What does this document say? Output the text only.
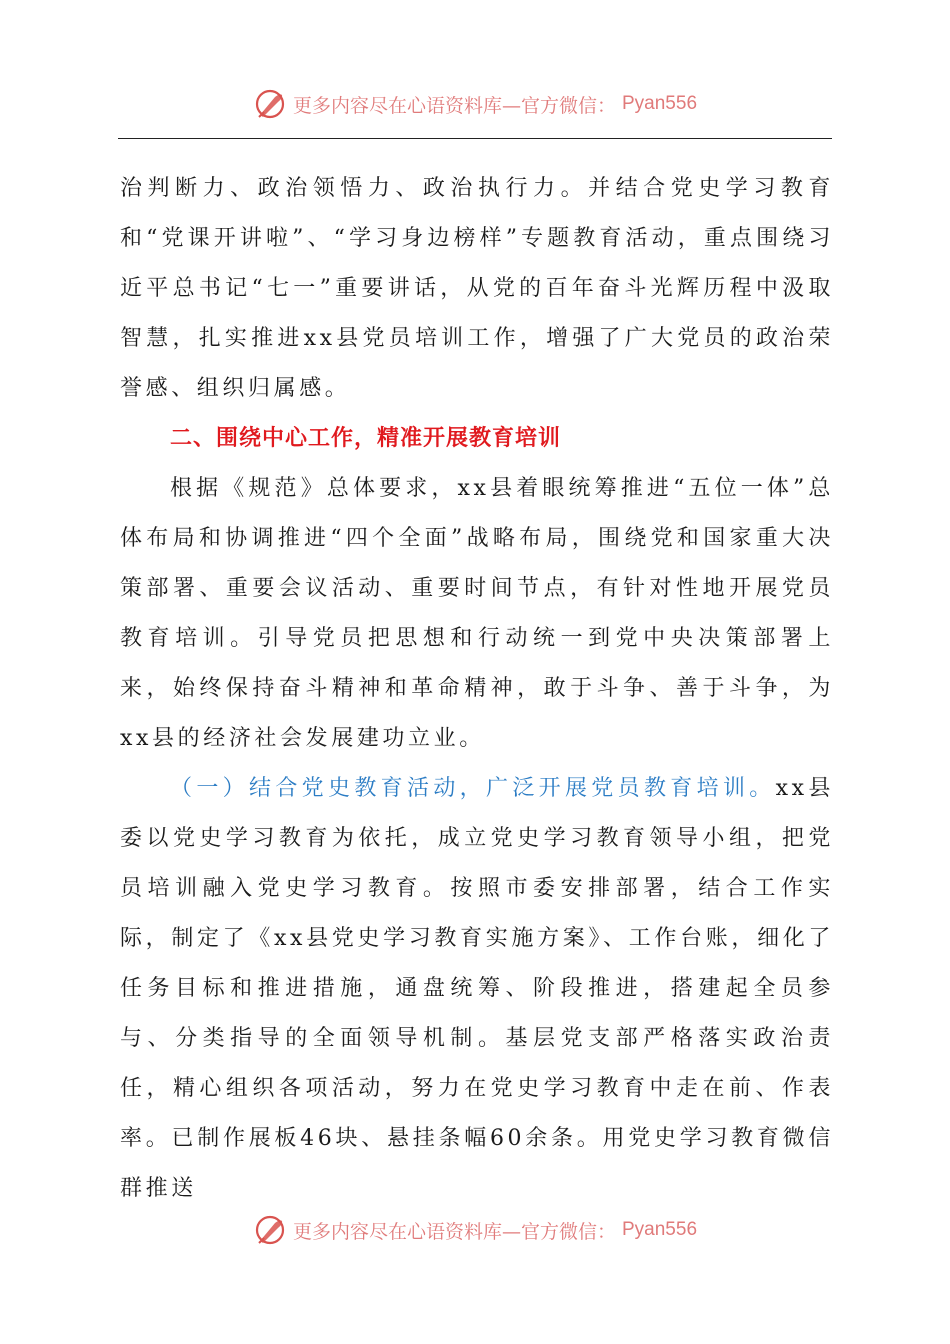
更多内容尽在心语资料库—官方微信： Pyan556

治判断力、政治领悟力、政治执行力。并结合党史学习教育和“党课开讲啦”、“学习身边榜样”专题教育活动，重点围绕习近平总书记“七一”重要讲话，从党的百年奋斗光辉历程中汲取智慧，扎实推进xx县党员培训工作，增强了广大党员的政治荣誉感、组织归属感。

二、围绕中心工作，精准开展教育培训

根据《规范》总体要求，xx县着眼统筹推进“五位一体”总体布局和协调推进“四个全面”战略布局，围绕党和国家重大决策部署、重要会议活动、重要时间节点，有针对性地开展党员教育培训。引导党员把思想和行动统一到党中央决策部署上来，始终保持奋斗精神和革命精神，敢于斗争、善于斗争，为xx县的经济社会发展建功立业。

（一）结合党史教育活动，广泛开展党员教育培训。xx县委以党史学习教育为依托，成立党史学习教育领导小组，把党员培训融入党史学习教育。按照市委安排部署，结合工作实际，制定了《xx县党史学习教育实施方案》、工作台账，细化了任务目标和推进措施，通盘统筹、阶段推进，搭建起全员参与、分类指导的全面领导机制。基层党支部严格落实政治责任，精心组织各项活动，努力在党史学习教育中走在前、作表率。已制作展板46块、悬挂条幅60余条。用党史学习教育微信群推送

更多内容尽在心语资料库—官方微信： Pyan556
